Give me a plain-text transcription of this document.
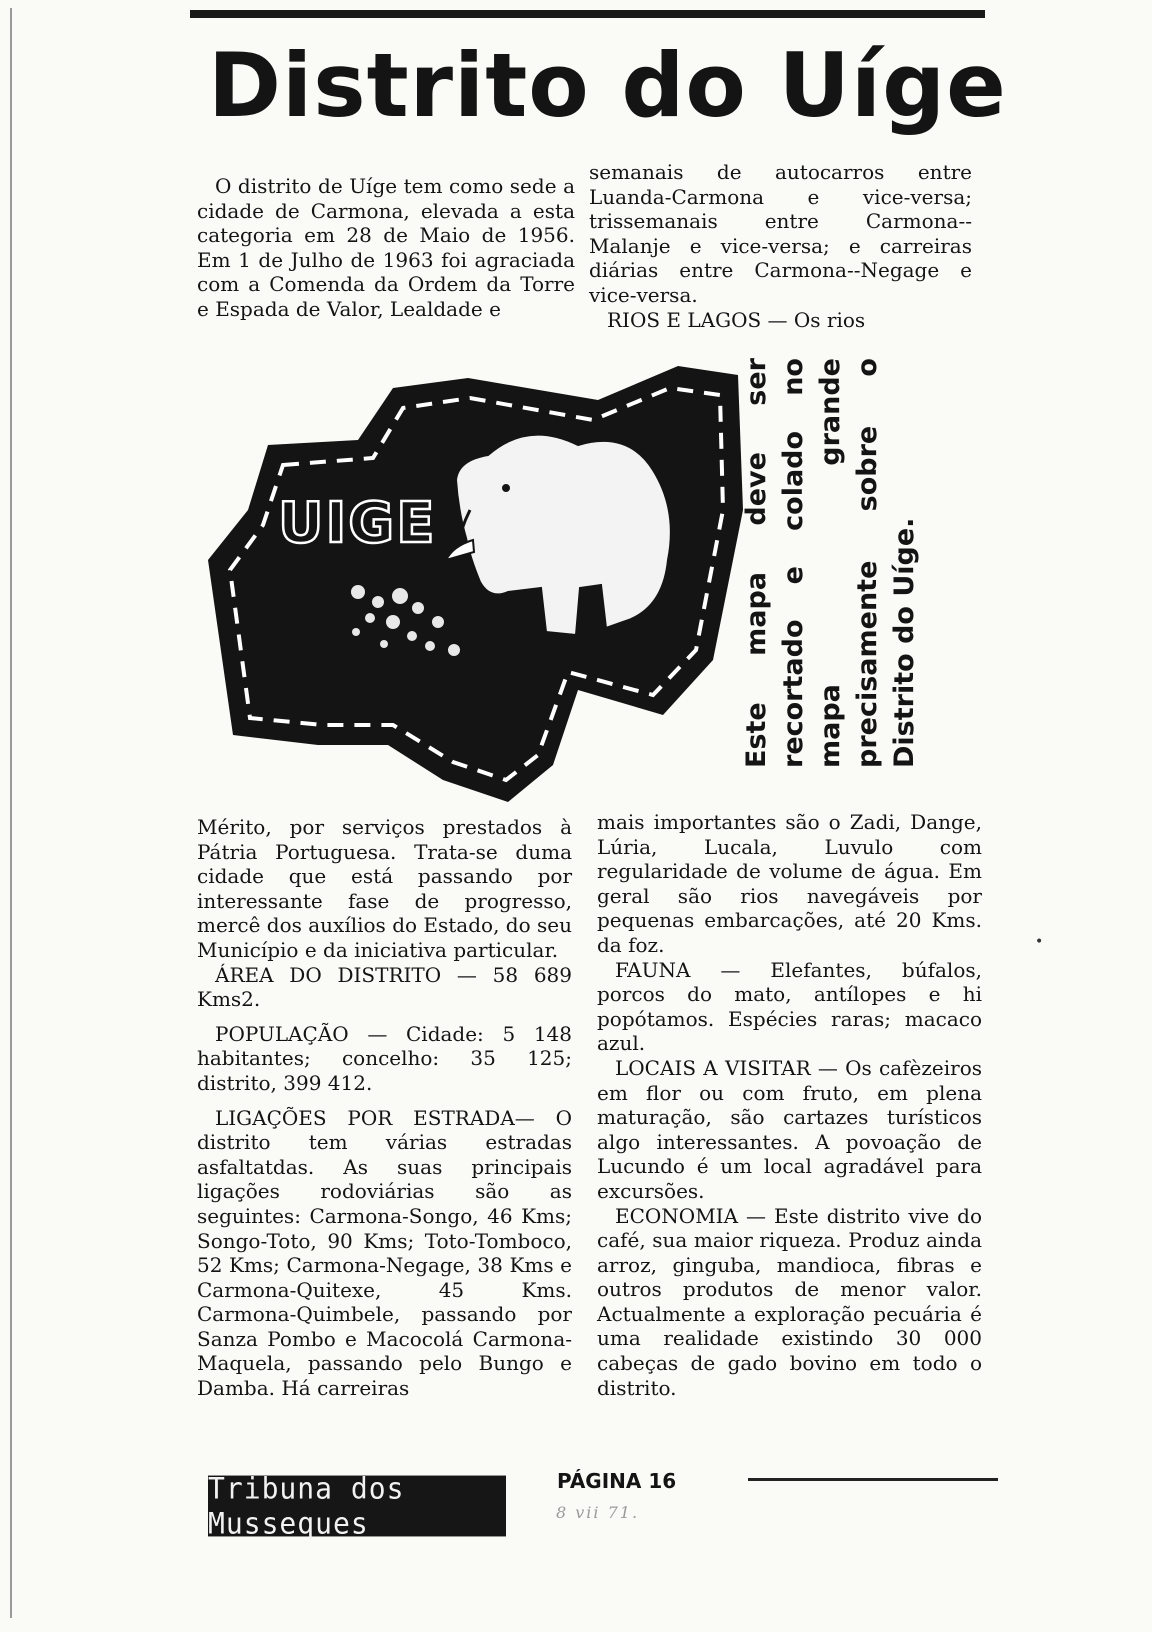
Distrito do Uíge

O distrito de Uíge tem como sede a cidade de Carmona, elevada a esta categoria em 28 de Maio de 1956. Em 1 de Julho de 1963 foi agraciada com a Comenda da Ordem da Torre e Espada de Valor, Lealdade e

semanais de autocarros entre Luanda-Carmona e vice-versa; trissemanais entre Carmona--Malanje e vice-versa; e carreiras diárias entre Carmona--Negage e vice-versa.

RIOS E LAGOS — Os rios

UIGE	Este mapa deve ser recortado e colado no mapa grande precisamente sobre o Distrito do Uíge.

Mérito, por serviços prestados à Pátria Portuguesa. Trata-se duma cidade que está passando por interessante fase de progresso, mercê dos auxílios do Estado, do seu Município e da iniciativa particular.

ÁREA DO DISTRITO — 58 689 Kms2.

POPULAÇÃO — Cidade: 5 148 habitantes; concelho: 35 125; distrito, 399 412.

LIGAÇÕES POR ESTRADA— O distrito tem várias estradas asfaltatdas. As suas principais ligações rodoviárias são as seguintes: Carmona-Songo, 46 Kms; Songo-Toto, 90 Kms; Toto-Tomboco, 52 Kms; Carmona-Negage, 38 Kms e Carmona-Quitexe, 45 Kms. Carmona-Quimbele, passando por Sanza Pombo e Macocolá Carmona-Maquela, passando pelo Bungo e Damba. Há carreiras

mais importantes são o Zadi, Dange, Lúria, Lucala, Luvulo com regularidade de volume de água. Em geral são rios navegáveis por pequenas embarcações, até 20 Kms. da foz.

FAUNA — Elefantes, búfalos, porcos do mato, antílopes e hi popótamos. Espécies raras; macaco azul.

LOCAIS A VISITAR — Os cafèzeiros em flor ou com fruto, em plena maturação, são cartazes turísticos algo interessantes. A povoação de Lucundo é um local agradável para excursões.

ECONOMIA — Este distrito vive do café, sua maior riqueza. Produz ainda arroz, ginguba, mandioca, fibras e outros produtos de menor valor. Actualmente a exploração pecuária é uma realidade existindo 30 000 cabeças de gado bovino em todo o distrito.

•
Tribuna dos Musseques
PÁGINA 16
8 vii 71.
